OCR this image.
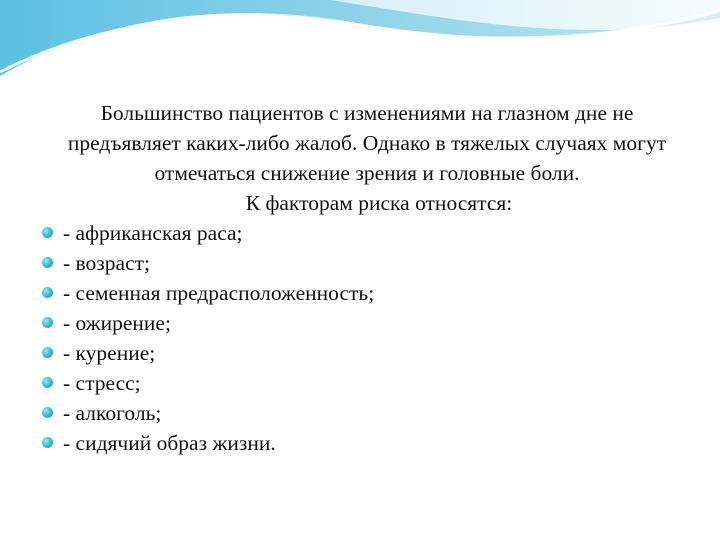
Большинство пациентов с изменениями на глазном дне не предъявляет каких-либо жалоб. Однако в тяжелых случаях могут отмечаться снижение зрения и головные боли.

К факторам риска относятся:

- африканская раса;
- возраст;
- семенная предрасположенность;
- ожирение;
- курение;
- стресс;
- алкоголь;
- сидячий образ жизни.
